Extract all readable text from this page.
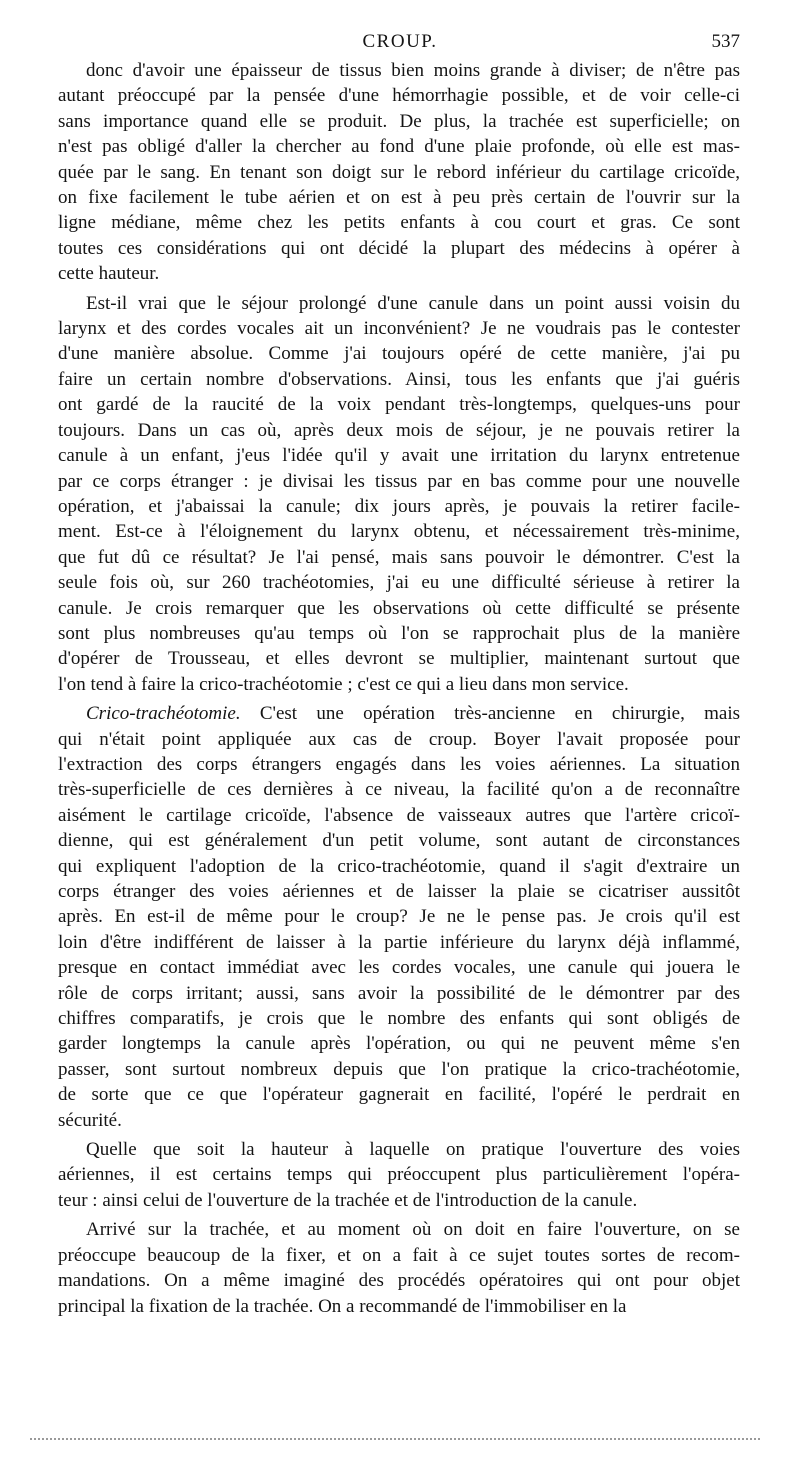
CROUP.	537

donc d'avoir une épaisseur de tissus bien moins grande à diviser; de n'être pas
autant préoccupé par la pensée d'une hémorrhagie possible, et de voir celle-ci
sans importance quand elle se produit. De plus, la trachée est superficielle; on
n'est pas obligé d'aller la chercher au fond d'une plaie profonde, où elle est mas-
quée par le sang. En tenant son doigt sur le rebord inférieur du cartilage cricoïde,
on fixe facilement le tube aérien et on est à peu près certain de l'ouvrir sur la
ligne médiane, même chez les petits enfants à cou court et gras. Ce sont
toutes ces considérations qui ont décidé la plupart des médecins à opérer à
cette hauteur.

Est-il vrai que le séjour prolongé d'une canule dans un point aussi voisin du
larynx et des cordes vocales ait un inconvénient? Je ne voudrais pas le contester
d'une manière absolue. Comme j'ai toujours opéré de cette manière, j'ai pu
faire un certain nombre d'observations. Ainsi, tous les enfants que j'ai guéris
ont gardé de la raucité de la voix pendant très-longtemps, quelques-uns pour
toujours. Dans un cas où, après deux mois de séjour, je ne pouvais retirer la
canule à un enfant, j'eus l'idée qu'il y avait une irritation du larynx entretenue
par ce corps étranger : je divisai les tissus par en bas comme pour une nouvelle
opération, et j'abaissai la canule; dix jours après, je pouvais la retirer facile-
ment. Est-ce à l'éloignement du larynx obtenu, et nécessairement très-minime,
que fut dû ce résultat? Je l'ai pensé, mais sans pouvoir le démontrer. C'est la
seule fois où, sur 260 trachéotomies, j'ai eu une difficulté sérieuse à retirer la
canule. Je crois remarquer que les observations où cette difficulté se présente
sont plus nombreuses qu'au temps où l'on se rapprochait plus de la manière
d'opérer de Trousseau, et elles devront se multiplier, maintenant surtout que
l'on tend à faire la crico-trachéotomie ; c'est ce qui a lieu dans mon service.

Crico-trachéotomie. C'est une opération très-ancienne en chirurgie, mais
qui n'était point appliquée aux cas de croup. Boyer l'avait proposée pour
l'extraction des corps étrangers engagés dans les voies aériennes. La situation
très-superficielle de ces dernières à ce niveau, la facilité qu'on a de reconnaître
aisément le cartilage cricoïde, l'absence de vaisseaux autres que l'artère cricoï-
dienne, qui est généralement d'un petit volume, sont autant de circonstances
qui expliquent l'adoption de la crico-trachéotomie, quand il s'agit d'extraire un
corps étranger des voies aériennes et de laisser la plaie se cicatriser aussitôt
après. En est-il de même pour le croup? Je ne le pense pas. Je crois qu'il est
loin d'être indifférent de laisser à la partie inférieure du larynx déjà inflammé,
presque en contact immédiat avec les cordes vocales, une canule qui jouera le
rôle de corps irritant; aussi, sans avoir la possibilité de le démontrer par des
chiffres comparatifs, je crois que le nombre des enfants qui sont obligés de
garder longtemps la canule après l'opération, ou qui ne peuvent même s'en
passer, sont surtout nombreux depuis que l'on pratique la crico-trachéotomie,
de sorte que ce que l'opérateur gagnerait en facilité, l'opéré le perdrait en
sécurité.

Quelle que soit la hauteur à laquelle on pratique l'ouverture des voies
aériennes, il est certains temps qui préoccupent plus particulièrement l'opéra-
teur : ainsi celui de l'ouverture de la trachée et de l'introduction de la canule.

Arrivé sur la trachée, et au moment où on doit en faire l'ouverture, on se
préoccupe beaucoup de la fixer, et on a fait à ce sujet toutes sortes de recom-
mandations. On a même imaginé des procédés opératoires qui ont pour objet
principal la fixation de la trachée. On a recommandé de l'immobiliser en la
